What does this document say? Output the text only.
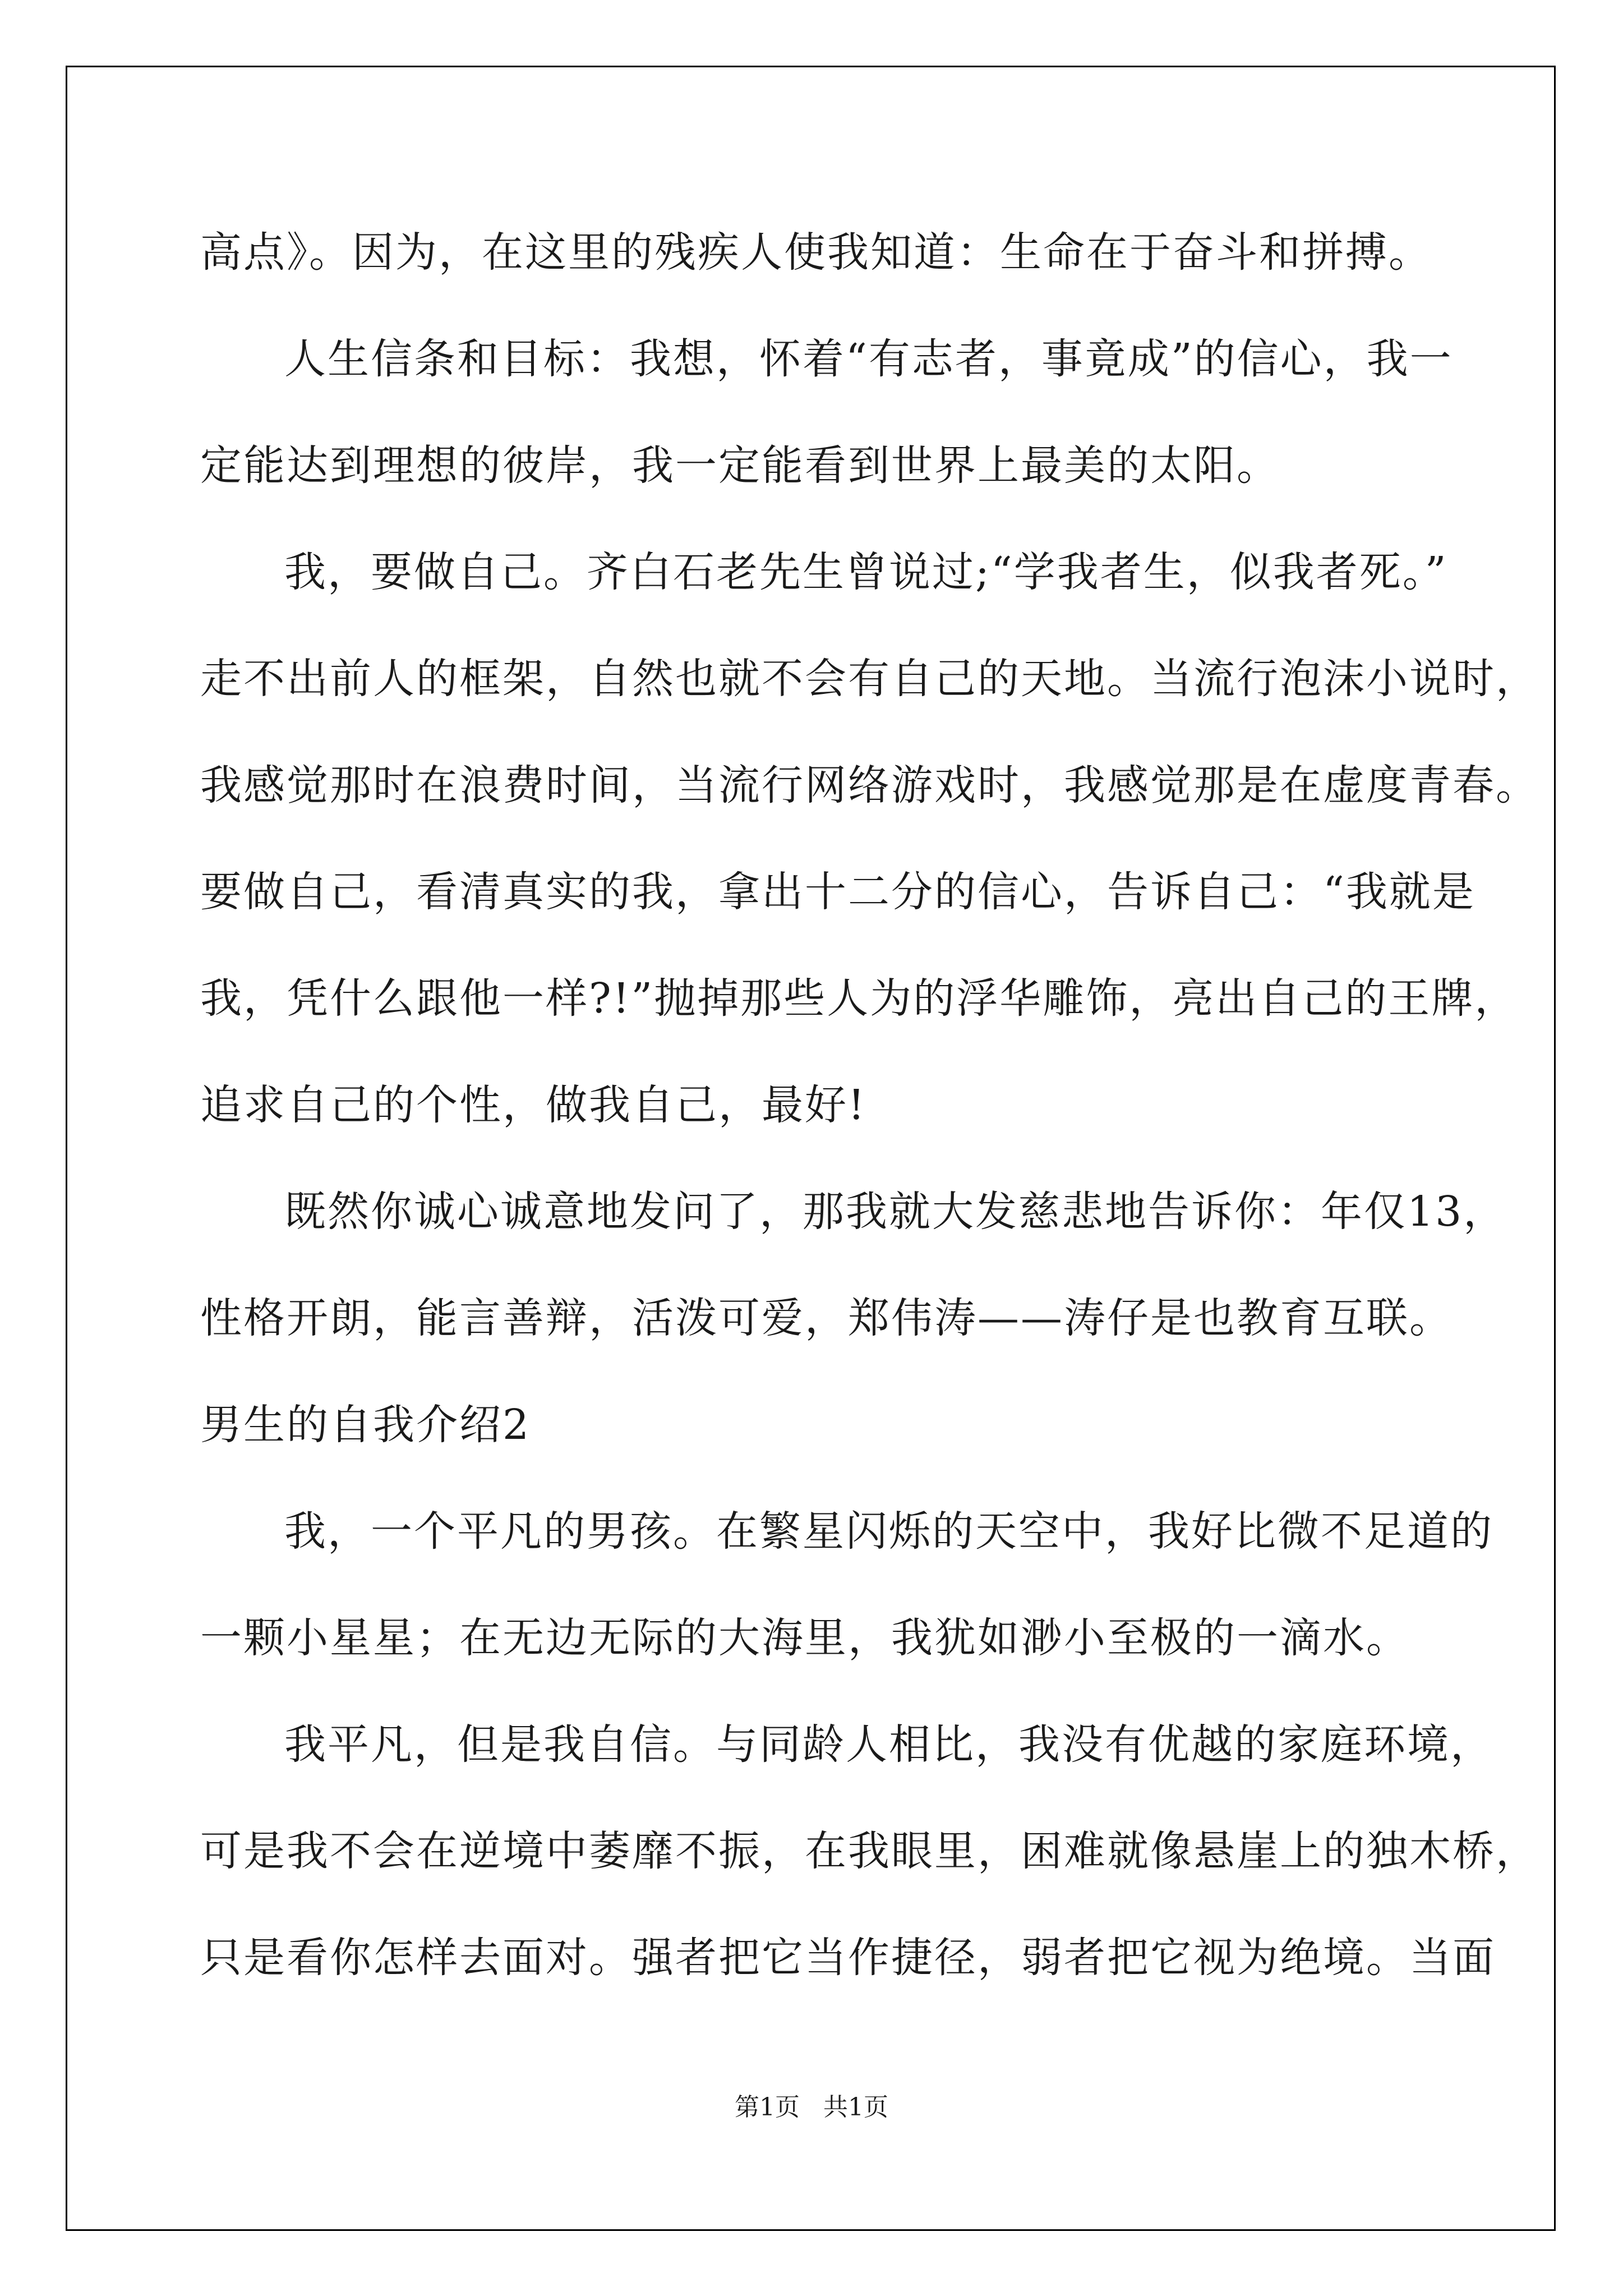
高点》。因为，在这里的残疾人使我知道：生命在于奋斗和拼搏。
人生信条和目标：我想，怀着“有志者，事竟成”的信心，我一
定能达到理想的彼岸，我一定能看到世界上最美的太阳。
我，要做自己。齐白石老先生曾说过;“学我者生，似我者死。”
走不出前人的框架，自然也就不会有自己的天地。当流行泡沫小说时，
我感觉那时在浪费时间，当流行网络游戏时，我感觉那是在虚度青春。
要做自己，看清真实的我，拿出十二分的信心，告诉自己：“我就是
我，凭什么跟他一样?!”抛掉那些人为的浮华雕饰，亮出自己的王牌，
追求自己的个性，做我自己，最好!
既然你诚心诚意地发问了，那我就大发慈悲地告诉你：年仅13，
性格开朗，能言善辩，活泼可爱，郑伟涛——涛仔是也教育互联。
男生的自我介绍2
我，一个平凡的男孩。在繁星闪烁的天空中，我好比微不足道的
一颗小星星；在无边无际的大海里，我犹如渺小至极的一滴水。
我平凡，但是我自信。与同龄人相比，我没有优越的家庭环境，
可是我不会在逆境中萎靡不振，在我眼里，困难就像悬崖上的独木桥，
只是看你怎样去面对。强者把它当作捷径，弱者把它视为绝境。当面
第1页 共1页
